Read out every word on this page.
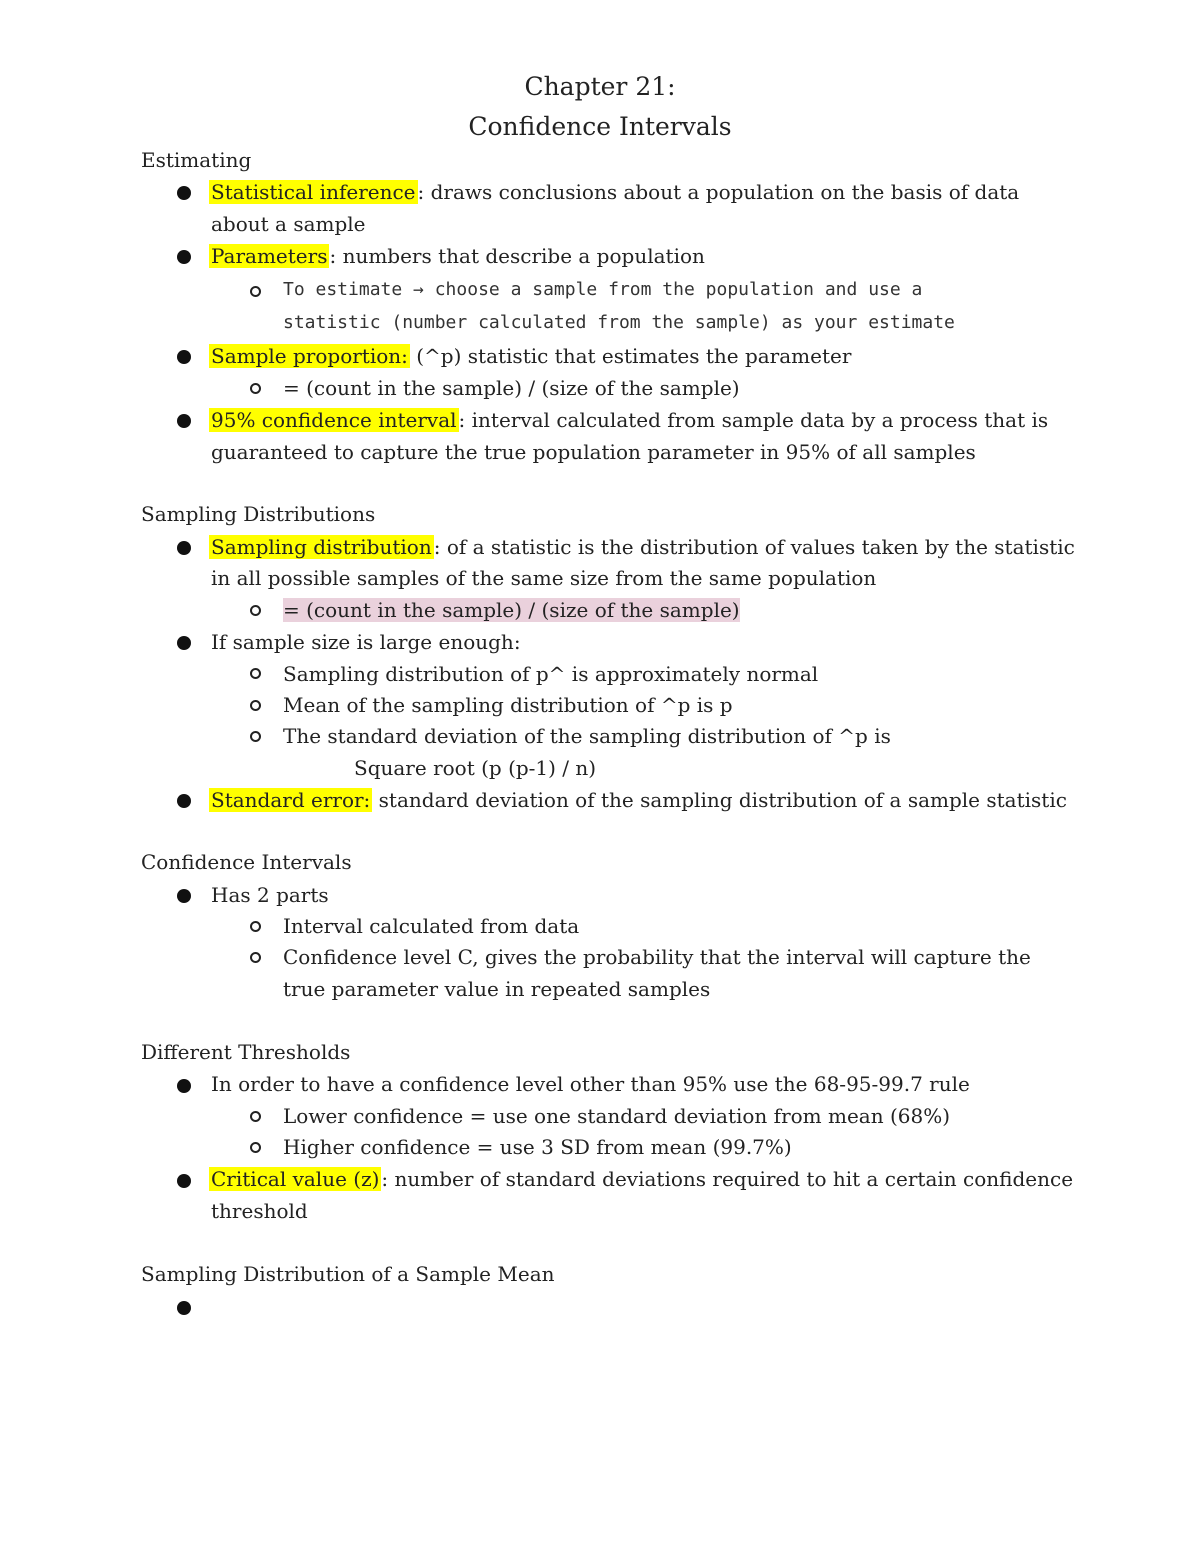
Chapter 21:
Confidence Intervals
Estimating
Statistical inference : draws conclusions about a population on the basis of data
about a sample
Parameters : numbers that describe a population
To estimate → choose a sample from the population and use a
statistic (number calculated from the sample) as your estimate
Sample proportion: (^p) statistic that estimates the parameter
= (count in the sample) / (size of the sample)
95% confidence interval : interval calculated from sample data by a process that is
guaranteed to capture the true population parameter in 95% of all samples
Sampling Distributions
Sampling distribution : of a statistic is the distribution of values taken by the statistic
in all possible samples of the same size from the same population
= (count in the sample) / (size of the sample)
If sample size is large enough:
Sampling distribution of p^ is approximately normal
Mean of the sampling distribution of ^p is p
The standard deviation of the sampling distribution of ^p is
Square root (p (p-1) / n)
Standard error: standard deviation of the sampling distribution of a sample statistic
Confidence Intervals
Has 2 parts
Interval calculated from data
Confidence level C, gives the probability that the interval will capture the
true parameter value in repeated samples
Different Thresholds
In order to have a confidence level other than 95% use the 68-95-99.7 rule
Lower confidence = use one standard deviation from mean (68%)
Higher confidence = use 3 SD from mean (99.7%)
Critical value (z) : number of standard deviations required to hit a certain confidence
threshold
Sampling Distribution of a Sample Mean
